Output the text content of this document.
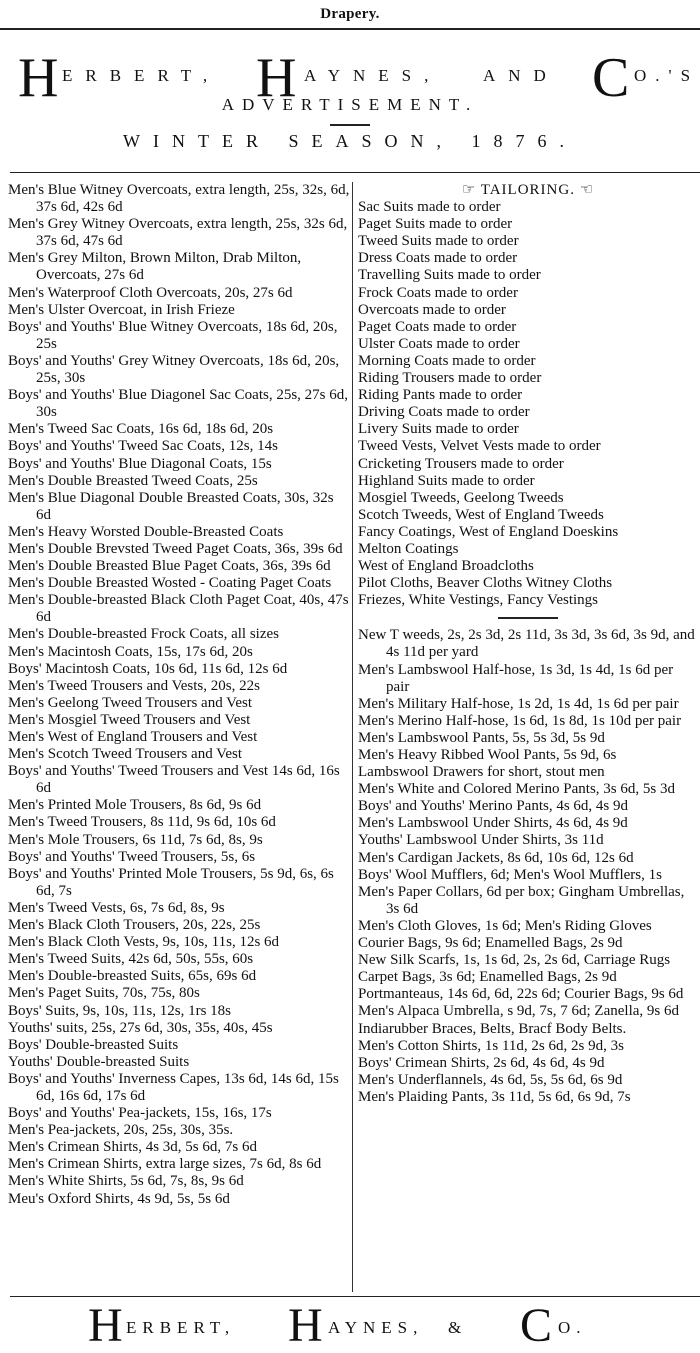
Drapery.
H ERBERT, H AYNES, AND C O.'S
ADVERTISEMENT.
WINTER SEASON, 1876.
Men's Blue Witney Overcoats, extra length, 25s, 32s, 6d, 37s 6d, 42s 6d
Men's Grey Witney Overcoats, extra length, 25s, 32s 6d, 37s 6d, 47s 6d
Men's Grey Milton, Brown Milton, Drab Milton, Overcoats, 27s 6d
Men's Waterproof Cloth Overcoats, 20s, 27s 6d
Men's Ulster Overcoat, in Irish Frieze
Boys' and Youths' Blue Witney Overcoats, 18s 6d, 20s, 25s
Boys' and Youths' Grey Witney Overcoats, 18s 6d, 20s, 25s, 30s
Boys' and Youths' Blue Diagonel Sac Coats, 25s, 27s 6d, 30s
Men's Tweed Sac Coats, 16s 6d, 18s 6d, 20s
Boys' and Youths' Tweed Sac Coats, 12s, 14s
Boys' and Youths' Blue Diagonal Coats, 15s
Men's Double Breasted Tweed Coats, 25s
Men's Blue Diagonal Double Breasted Coats, 30s, 32s 6d
Men's Heavy Worsted Double-Breasted Coats
Men's Double Brevsted Tweed Paget Coats, 36s, 39s 6d
Men's Double Breasted Blue Paget Coats, 36s, 39s 6d
Men's Double Breasted Wosted - Coating Paget Coats
Men's Double-breasted Black Cloth Paget Coat, 40s, 47s 6d
Men's Double-breasted Frock Coats, all sizes
Men's Macintosh Coats, 15s, 17s 6d, 20s
Boys' Macintosh Coats, 10s 6d, 11s 6d, 12s 6d
Men's Tweed Trousers and Vests, 20s, 22s
Men's Geelong Tweed Trousers and Vest
Men's Mosgiel Tweed Trousers and Vest
Men's West of England Trousers and Vest
Men's Scotch Tweed Trousers and Vest
Boys' and Youths' Tweed Trousers and Vest 14s 6d, 16s 6d
Men's Printed Mole Trousers, 8s 6d, 9s 6d
Men's Tweed Trousers, 8s 11d, 9s 6d, 10s 6d
Men's Mole Trousers, 6s 11d, 7s 6d, 8s, 9s
Boys' and Youths' Tweed Trousers, 5s, 6s
Boys' and Youths' Printed Mole Trousers, 5s 9d, 6s, 6s 6d, 7s
Men's Tweed Vests, 6s, 7s 6d, 8s, 9s
Men's Black Cloth Trousers, 20s, 22s, 25s
Men's Black Cloth Vests, 9s, 10s, 11s, 12s 6d
Men's Tweed Suits, 42s 6d, 50s, 55s, 60s
Men's Double-breasted Suits, 65s, 69s 6d
Men's Paget Suits, 70s, 75s, 80s
Boys' Suits, 9s, 10s, 11s, 12s, 1rs 18s
Youths' suits, 25s, 27s 6d, 30s, 35s, 40s, 45s
Boys' Double-breasted Suits
Youths' Double-breasted Suits
Boys' and Youths' Inverness Capes, 13s 6d, 14s 6d, 15s 6d, 16s 6d, 17s 6d
Boys' and Youths' Pea-jackets, 15s, 16s, 17s
Men's Pea-jackets, 20s, 25s, 30s, 35s.
Men's Crimean Shirts, 4s 3d, 5s 6d, 7s 6d
Men's Crimean Shirts, extra large sizes, 7s 6d, 8s 6d
Men's White Shirts, 5s 6d, 7s, 8s, 9s 6d
Meu's Oxford Shirts, 4s 9d, 5s, 5s 6d
☞ TAILORING. ☜
Sac Suits made to order
Paget Suits made to order
Tweed Suits made to order
Dress Coats made to order
Travelling Suits made to order
Frock Coats made to order
Overcoats made to order
Paget Coats made to order
Ulster Coats made to order
Morning Coats made to order
Riding Trousers made to order
Riding Pants made to order
Driving Coats made to order
Livery Suits made to order
Tweed Vests, Velvet Vests made to order
Cricketing Trousers made to order
Highland Suits made to order
Mosgiel Tweeds, Geelong Tweeds
Scotch Tweeds, West of England Tweeds
Fancy Coatings, West of England Doeskins
Melton Coatings
West of England Broadcloths
Pilot Cloths, Beaver Cloths Witney Cloths
Friezes, White Vestings, Fancy Vestings
New T weeds, 2s, 2s 3d, 2s 11d, 3s 3d, 3s 6d, 3s 9d, and 4s 11d per yard
Men's Lambswool Half-hose, 1s 3d, 1s 4d, 1s 6d per pair
Men's Military Half-hose, 1s 2d, 1s 4d, 1s 6d per pair
Men's Merino Half-hose, 1s 6d, 1s 8d, 1s 10d per pair
Men's Lambswool Pants, 5s, 5s 3d, 5s 9d
Men's Heavy Ribbed Wool Pants, 5s 9d, 6s
Lambswool Drawers for short, stout men
Men's White and Colored Merino Pants, 3s 6d, 5s 3d
Boys' and Youths' Merino Pants, 4s 6d, 4s 9d
Men's Lambswool Under Shirts, 4s 6d, 4s 9d
Youths' Lambswool Under Shirts, 3s 11d
Men's Cardigan Jackets, 8s 6d, 10s 6d, 12s 6d
Boys' Wool Mufflers, 6d; Men's Wool Mufflers, 1s
Men's Paper Collars, 6d per box; Gingham Umbrellas, 3s 6d
Men's Cloth Gloves, 1s 6d; Men's Riding Gloves
Courier Bags, 9s 6d; Enamelled Bags, 2s 9d
New Silk Scarfs, 1s, 1s 6d, 2s, 2s 6d, Carriage Rugs
Carpet Bags, 3s 6d; Enamelled Bags, 2s 9d
Portmanteaus, 14s 6d, 6d, 22s 6d; Courier Bags, 9s 6d
Men's Alpaca Umbrella, s 9d, 7s, 7 6d; Zanella, 9s 6d
Indiarubber Braces, Belts, Bracf Body Belts.
Men's Cotton Shirts, 1s 11d, 2s 6d, 2s 9d, 3s
Boys' Crimean Shirts, 2s 6d, 4s 6d, 4s 9d
Men's Underflannels, 4s 6d, 5s, 5s 6d, 6s 9d
Men's Plaiding Pants, 3s 11d, 5s 6d, 6s 9d, 7s
H ERBERT, H AYNES, & C O.
